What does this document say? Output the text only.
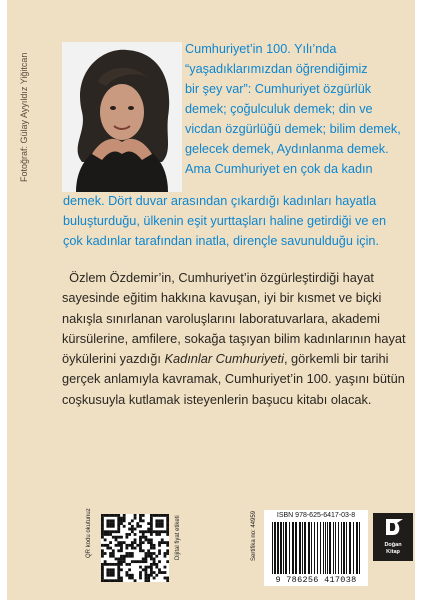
Fotoğraf: Gülay Ayyıldız Yiğitcan

Cumhuriyet’in 100. Yılı’nda

“yaşadıklarımızdan öğrendiğimiz

bir şey var”: Cumhuriyet özgürlük

demek; çoğulculuk demek; din ve

vicdan özgürlüğü demek; bilim demek,

gelecek demek, Aydınlanma demek.

Ama Cumhuriyet en çok da kadın

demek. Dört duvar arasından çıkardığı kadınları hayatla
buluşturduğu, ülkenin eşit yurttaşları haline getirdiği ve en
çok kadınlar tarafından inatla, dirençle savunulduğu için.
Özlem Özdemir’in, Cumhuriyet’in özgürleştirdiği hayat
sayesinde eğitim hakkına kavuşan, iyi bir kısmet ve biçki
nakışla sınırlanan varoluşlarını laboratuvarlara, akademi
kürsülerine, amfilere, sokağa taşıyan bilim kadınlarının hayat
öykülerini yazdığı Kadınlar Cumhuriyeti, görkemli bir tarihi
gerçek anlamıyla kavramak, Cumhuriyet’in 100. yaşını bütün
coşkusuyla kutlamak isteyenlerin başucu kitabı olacak.
QR kodu okutunuz	Dijital fiyat etiketi	Sertifika no: 44959	ISBN 978-625-6417-03-8
9 786256 417038
Doğan
Kitap
